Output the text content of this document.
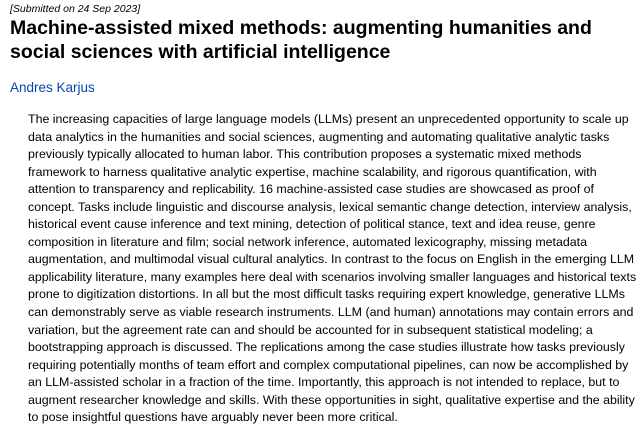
[Submitted on 24 Sep 2023]
Machine-assisted mixed methods: augmenting humanities and
social sciences with artificial intelligence
Andres Karjus

The increasing capacities of large language models (LLMs) present an unprecedented opportunity to scale up data analytics in the humanities and social sciences, augmenting and automating qualitative analytic tasks previously typically allocated to human labor. This contribution proposes a systematic mixed methods framework to harness qualitative analytic expertise, machine scalability, and rigorous quantification, with attention to transparency and replicability. 16 machine-assisted case studies are showcased as proof of concept. Tasks include linguistic and discourse analysis, lexical semantic change detection, interview analysis, historical event cause inference and text mining, detection of political stance, text and idea reuse, genre composition in literature and film; social network inference, automated lexicography, missing metadata augmentation, and multimodal visual cultural analytics. In contrast to the focus on English in the emerging LLM applicability literature, many examples here deal with scenarios involving smaller languages and historical texts prone to digitization distortions. In all but the most difficult tasks requiring expert knowledge, generative LLMs can demonstrably serve as viable research instruments. LLM (and human) annotations may contain errors and variation, but the agreement rate can and should be accounted for in subsequent statistical modeling; a bootstrapping approach is discussed. The replications among the case studies illustrate how tasks previously requiring potentially months of team effort and complex computational pipelines, can now be accomplished by an LLM-assisted scholar in a fraction of the time. Importantly, this approach is not intended to replace, but to augment researcher knowledge and skills. With these opportunities in sight, qualitative expertise and the ability to pose insightful questions have arguably never been more critical.
